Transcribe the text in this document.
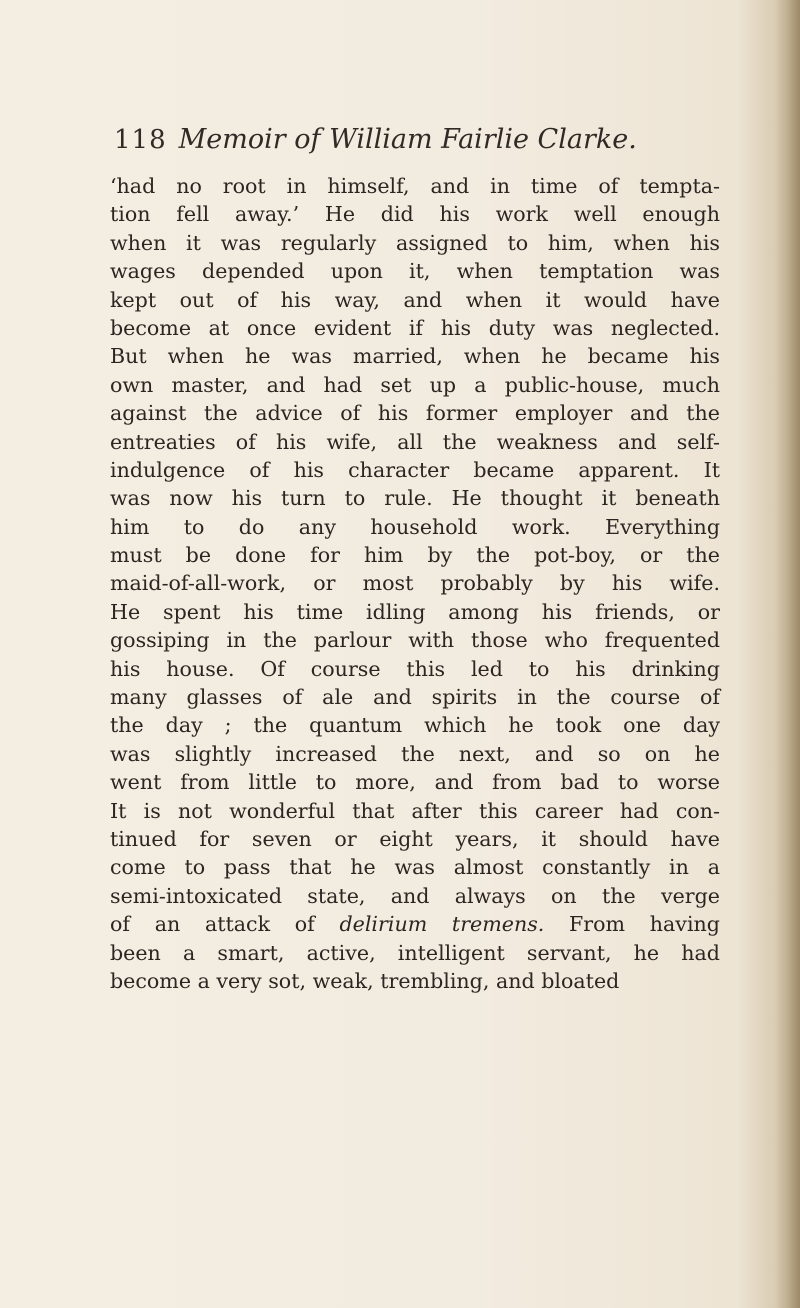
118 Memoir of William Fairlie Clarke.
‘had no root in himself, and in time of tempta-
tion fell away.’ He did his work well enough
when it was regularly assigned to him, when his
wages depended upon it, when temptation was
kept out of his way, and when it would have
become at once evident if his duty was neglected.
But when he was married, when he became his
own master, and had set up a public-house, much
against the advice of his former employer and the
entreaties of his wife, all the weakness and self-
indulgence of his character became apparent. It
was now his turn to rule. He thought it beneath
him to do any household work. Everything
must be done for him by the pot-boy, or the
maid-of-all-work, or most probably by his wife.
He spent his time idling among his friends, or
gossiping in the parlour with those who frequented
his house. Of course this led to his drinking
many glasses of ale and spirits in the course of
the day ; the quantum which he took one day
was slightly increased the next, and so on he
went from little to more, and from bad to worse
It is not wonderful that after this career had con-
tinued for seven or eight years, it should have
come to pass that he was almost constantly in a
semi-intoxicated state, and always on the verge
of an attack of delirium tremens. From having
been a smart, active, intelligent servant, he had
become a very sot, weak, trembling, and bloated
